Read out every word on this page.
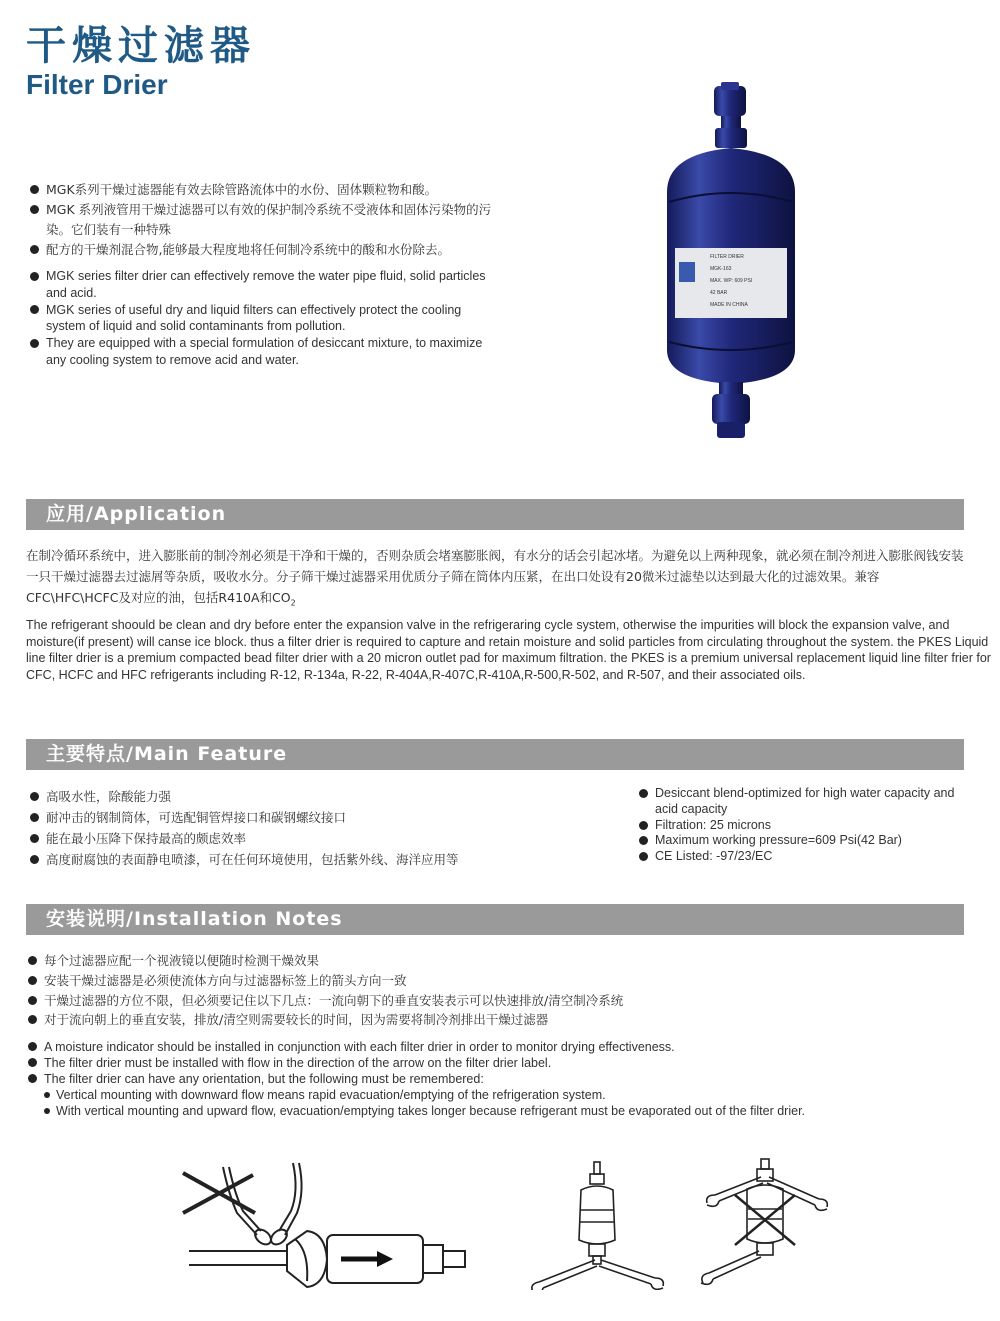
干燥过滤器
Filter Drier
FILTER DRIER
MGK-163
MAX. WP: 609 PSI
42 BAR
MADE IN CHINA
MGK系列干燥过滤器能有效去除管路流体中的水份、固体颗粒物和酸。
MGK 系列液管用干燥过滤器可以有效的保护制冷系统不受液体和固体污染物的污染。它们装有一种特殊
配方的干燥剂混合物,能够最大程度地将任何制冷系统中的酸和水份除去。
MGK series filter drier can effectively remove the water pipe fluid, solid particles and acid.
MGK series of useful dry and liquid filters can effectively protect the cooling system of liquid and solid contaminants from pollution.
They are equipped with a special formulation of desiccant mixture, to maximize any cooling system to remove acid and water.
应用/Application
在制冷循环系统中，进入膨胀前的制冷剂必须是干净和干燥的，否则杂质会堵塞膨胀阀，有水分的话会引起冰堵。为避免以上两种现象，就必须在制冷剂进入膨胀阀钱安装一只干燥过滤器去过滤屑等杂质，吸收水分。分子筛干燥过滤器采用优质分子筛在筒体内压紧，在出口处设有20微米过滤垫以达到最大化的过滤效果。兼容CFC\HFC\HCFC及对应的油，包括R410A和$CO_2$
The refrigerant shoould be clean and dry before enter the expansion valve in the refrigeraring cycle system, otherwise the impurities will block the expansion valve, and moisture(if present) will canse ice block. thus a filter drier is required to capture and retain moisture and solid particles from circulating throughout the system. the PKES Liquid line filter drier is a premium compacted bead filter drier with a 20 micron outlet pad for maximum filtration. the PKES is a premium universal replacement liquid line filter frier for CFC, HCFC and HFC refrigerants including R-12, R-134a, R-22, R-404A,R-407C,R-410A,R-500,R-502, and R-507, and their associated oils.
主要特点/Main Feature
高吸水性，除酸能力强
耐冲击的钢制筒体，可选配铜管焊接口和碳钢螺纹接口
能在最小压降下保持最高的颇虑效率
高度耐腐蚀的表面静电喷漆，可在任何环境使用，包括紫外线、海洋应用等
Desiccant blend-optimized for high water capacity and acid capacity
Filtration: 25 microns
Maximum working pressure=609 Psi(42 Bar)
CE Listed: -97/23/EC
安装说明/Installation Notes
每个过滤器应配一个视液镜以便随时检测干燥效果
安装干燥过滤器是必须使流体方向与过滤器标签上的箭头方向一致
干燥过滤器的方位不限，但必须要记住以下几点：一流向朝下的垂直安装表示可以快速排放/清空制冷系统
对于流向朝上的垂直安装，排放/清空则需要较长的时间，因为需要将制冷剂排出干燥过滤器
A moisture indicator should be installed in conjunction with each filter drier in order to monitor drying effectiveness.
The filter drier must be installed with flow in the direction of the arrow on the filter drier label.
The filter drier can have any orientation, but the following must be remembered:
Vertical mounting with downward flow means rapid evacuation/emptying of the refrigeration system.
With vertical mounting and upward flow, evacuation/emptying takes longer because refrigerant must be evaporated out of the filter drier.
